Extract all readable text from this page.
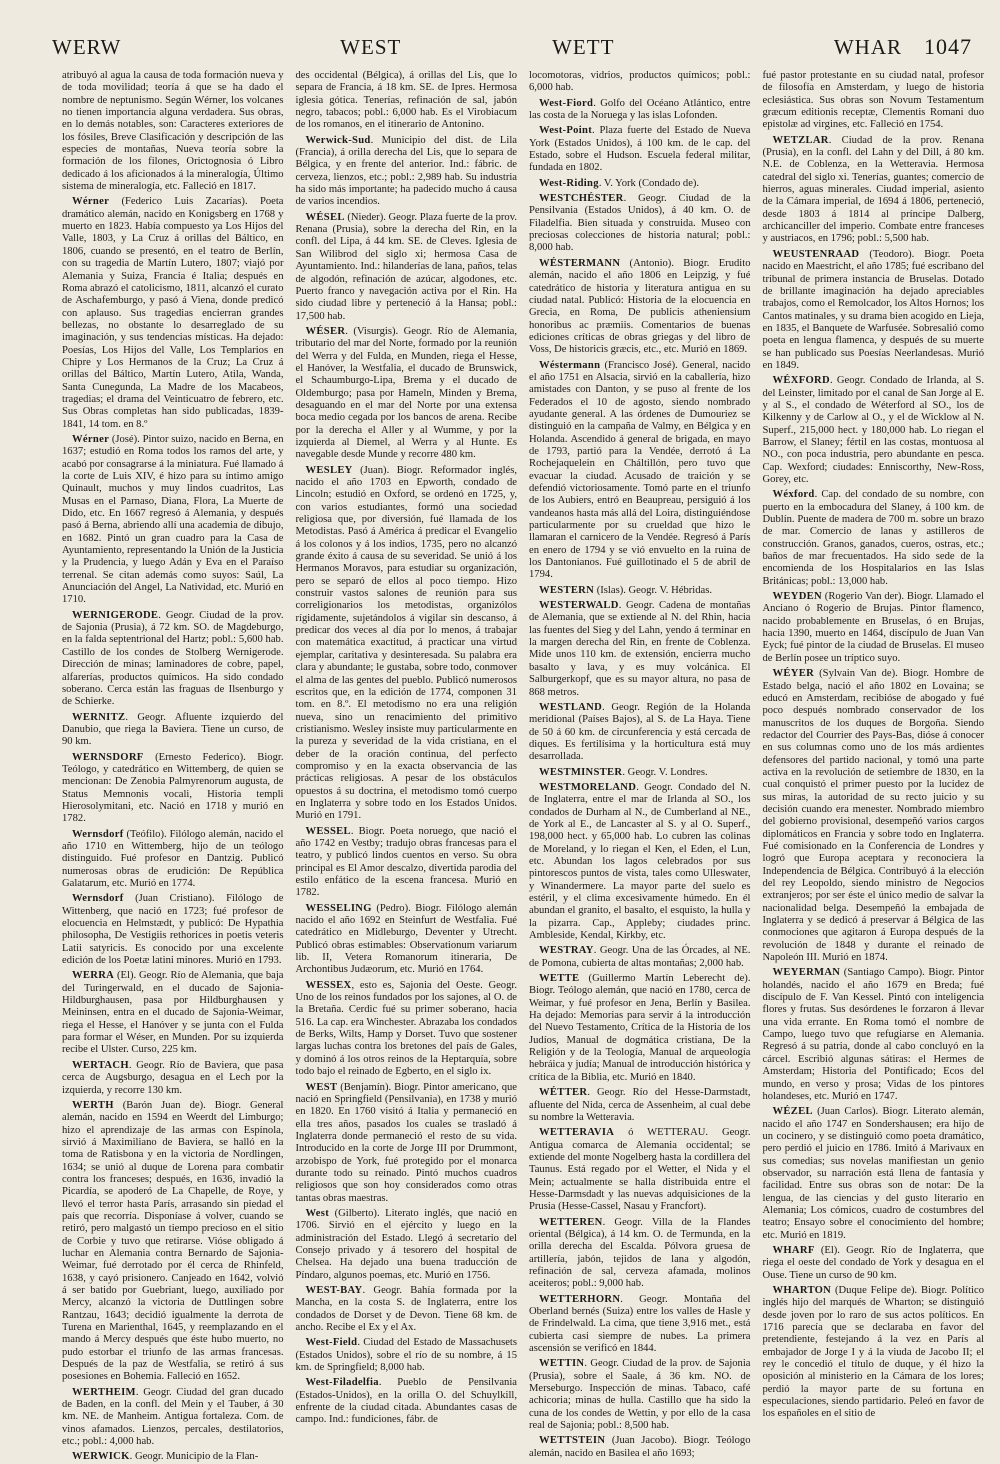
WERW	WEST	WETT	WHAR	1047

atribuyó al agua la causa de toda formación nueva y de toda movilidad; teoría á que se ha dado el nombre de neptunismo. Según Wérner, los volcanes no tienen importancia alguna verdadera. Sus obras, en lo demás notables, son: Caracteres exteriores de los fósiles, Breve Clasificación y descripción de las especies de montañas, Nueva teoría sobre la formación de los filones, Orictognosia ó Libro dedicado á los aficionados á la mineralogía, Último sistema de mineralogía, etc. Falleció en 1817.

Wérner (Federico Luis Zacarías). Poeta dramático alemán, nacido en Konigsberg en 1768 y muerto en 1823. Había compuesto ya Los Hijos del Valle, 1803, y La Cruz á orillas del Báltico, en 1806, cuando se presentó, en el teatro de Berlín, con su tragedia de Martín Lutero, 1807; viajó por Alemania y Suiza, Francia é Italia; después en Roma abrazó el catolicismo, 1811, alcanzó el curato de Aschafemburgo, y pasó á Viena, donde predicó con aplauso. Sus tragedias encierran grandes bellezas, no obstante lo desarreglado de su imaginación, y sus tendencias místicas. Ha dejado: Poesías, Los Hijos del Valle, Los Templarios en Chipre y Los Hermanos de la Cruz; La Cruz á orillas del Báltico, Martín Lutero, Atila, Wanda, Santa Cunegunda, La Madre de los Macabeos, tragedias; el drama del Veinticuatro de febrero, etc. Sus Obras completas han sido publicadas, 1839-1841, 14 tom. en 8.º

Wérner (José). Pintor suizo, nacido en Berna, en 1637; estudió en Roma todos los ramos del arte, y acabó por consagrarse á la miniatura. Fué llamado á la corte de Luis XIV, é hizo para su íntimo amigo Quinault, muchos y muy lindos cuadritos, Las Musas en el Parnaso, Diana, Flora, La Muerte de Dido, etc. En 1667 regresó á Alemania, y después pasó á Berna, abriendo allí una academia de dibujo, en 1682. Pintó un gran cuadro para la Casa de Ayuntamiento, representando la Unión de la Justicia y la Prudencia, y luego Adán y Eva en el Paraíso terrenal. Se citan además como suyos: Saúl, La Anunciación del Angel, La Natividad, etc. Murió en 1710.

WERNIGERODE. Geogr. Ciudad de la prov. de Sajonia (Prusia), á 72 km. SO. de Magdeburgo, en la falda septentrional del Hartz; pobl.: 5,600 hab. Castillo de los condes de Stolberg Wernigerode. Dirección de minas; laminadores de cobre, papel, alfarerías, productos químicos. Ha sido condado soberano. Cerca están las fraguas de Ilsenburgo y de Schierke.

WERNITZ. Geogr. Afluente izquierdo del Danubio, que riega la Baviera. Tiene un curso, de 90 km.

WERNSDORF (Ernesto Federico). Biogr. Teólogo, y catedrático en Wittemberg, de quien se mencionan: De Zenobia Palmyrenorum augusta, de Status Memnonis vocali, Historia templi Hierosolymitani, etc. Nació en 1718 y murió en 1782.

Wernsdorf (Teófilo). Filólogo alemán, nacido el año 1710 en Wittemberg, hijo de un teólogo distinguido. Fué profesor en Dantzig. Publicó numerosas obras de erudición: De República Galatarum, etc. Murió en 1774.

Wernsdorf (Juan Cristiano). Filólogo de Wittenberg, que nació en 1723; fué profesor de elocuencia en Helmstædt, y publicó: De Hypathia philosopha, De Vestigiis rethorices in poetis veteris Latii satyricis. Es conocido por una excelente edición de los Poetæ latini minores. Murió en 1793.

WERRA (El). Geogr. Río de Alemania, que baja del Turingerwald, en el ducado de Sajonia-Hildburghausen, pasa por Hildburghausen y Meininsen, entra en el ducado de Sajonia-Weimar, riega el Hesse, el Hanóver y se junta con el Fulda para formar el Wéser, en Munden. Por su izquierda recibe el Ulster. Curso, 225 km.

WERTACH. Geogr. Río de Baviera, que pasa cerca de Augsburgo, desagua en el Lech por la izquierda, y recorre 130 km.

WERTH (Barón Juan de). Biogr. General alemán, nacido en 1594 en Weerdt del Limburgo; hizo el aprendizaje de las armas con Espínola, sirvió á Maximiliano de Baviera, se halló en la toma de Ratisbona y en la victoria de Nordlingen, 1634; se unió al duque de Lorena para combatir contra los franceses; después, en 1636, invadió la Picardía, se apoderó de La Chapelle, de Roye, y llevó el terror hasta París, arrasando sin piedad el país que recorría. Disponíase á volver, cuando se retiró, pero malgastó un tiempo precioso en el sitio de Corbie y tuvo que retirarse. Vióse obligado á luchar en Alemania contra Bernardo de Sajonia-Weimar, fué derrotado por él cerca de Rhinfeld, 1638, y cayó prisionero. Canjeado en 1642, volvió á ser batido por Guebriant, luego, auxiliado por Mercy, alcanzó la victoria de Duttlingen sobre Rantzau, 1643; decidió igualmente la derrota de Turena en Marienthal, 1645, y reemplazando en el mando á Mercy después que éste hubo muerto, no pudo estorbar el triunfo de las armas francesas. Después de la paz de Westfalia, se retiró á sus posesiones en Bohemia. Falleció en 1652.

WERTHEIM. Geogr. Ciudad del gran ducado de Baden, en la confl. del Mein y el Tauber, á 30 km. NE. de Manheim. Antigua fortaleza. Com. de vinos afamados. Lienzos, percales, destilatorios, etc.; pobl.: 4,000 hab.

WERWICK. Geogr. Municipio de la Flan-

des occidental (Bélgica), á orillas del Lis, que lo separa de Francia, á 18 km. SE. de Ipres. Hermosa iglesia gótica. Tenerías, refinación de sal, jabón negro, tabacos; pobl.: 6,000 hab. Es el Virobiacum de los romanos, en el itinerario de Antonino.

Werwick-Sud. Municipio del dist. de Lila (Francia), á orilla derecha del Lis, que lo separa de Bélgica, y en frente del anterior. Ind.: fábric. de cerveza, lienzos, etc.; pobl.: 2,989 hab. Su industria ha sido más importante; ha padecido mucho á causa de varios incendios.

WÉSEL (Nieder). Geogr. Plaza fuerte de la prov. Renana (Prusia), sobre la derecha del Rin, en la confl. del Lipa, á 44 km. SE. de Cleves. Iglesia de San Wilibrod del siglo xi; hermosa Casa de Ayuntamiento. Ind.: hilanderías de lana, paños, telas de algodón, refinación de azúcar, algodones, etc. Puerto franco y navegación activa por el Rin. Ha sido ciudad libre y perteneció á la Hansa; pobl.: 17,500 hab.

WÉSER. (Visurgis). Geogr. Río de Alemania, tributario del mar del Norte, formado por la reunión del Werra y del Fulda, en Munden, riega el Hesse, el Hanóver, la Westfalia, el ducado de Brunswick, el Schaumburgo-Lipa, Brema y el ducado de Oldemburgo; pasa por Hameln, Minden y Brema, desaguando en el mar del Norte por una extensa boca medio cegada por los bancos de arena. Recibe por la derecha el Aller y al Wumme, y por la izquierda al Diemel, al Werra y al Hunte. Es navegable desde Munde y recorre 480 km.

WESLEY (Juan). Biogr. Reformador inglés, nacido el año 1703 en Epworth, condado de Lincoln; estudió en Oxford, se ordenó en 1725, y, con varios estudiantes, formó una sociedad religiosa que, por diversión, fué llamada de los Metodistas. Pasó á América á predicar el Evangelio á los colonos y á los indios, 1735, pero no alcanzó grande éxito á causa de su severidad. Se unió á los Hermanos Moravos, para estudiar su organización, pero se separó de ellos al poco tiempo. Hizo construir vastos salones de reunión para sus correligionarios los metodistas, organizólos rígidamente, sujetándolos á vigilar sin descanso, á predicar dos veces al día por lo menos, á trabajar con matemática exactitud, á practicar una virtud ejemplar, caritativa y desinteresada. Su palabra era clara y abundante; le gustaba, sobre todo, conmover el alma de las gentes del pueblo. Publicó numerosos escritos que, en la edición de 1774, componen 31 tom. en 8.º. El metodismo no era una religión nueva, sino un renacimiento del primitivo cristianismo. Wesley insiste muy particularmente en la pureza y severidad de la vida cristiana, en el deber de la oración continua, del perfecto compromiso y en la exacta observancia de las prácticas religiosas. A pesar de los obstáculos opuestos á su doctrina, el metodismo tomó cuerpo en Inglaterra y sobre todo en los Estados Unidos. Murió en 1791.

WESSEL. Biogr. Poeta noruego, que nació el año 1742 en Vestby; tradujo obras francesas para el teatro, y publicó lindos cuentos en verso. Su obra principal es El Amor descalzo, divertida parodia del estilo enfático de la escena francesa. Murió en 1782.

WESSELING (Pedro). Biogr. Filólogo alemán nacido el año 1692 en Steinfurt de Westfalia. Fué catedrático en Midleburgo, Deventer y Utrecht. Publicó obras estimables: Observationum variarum lib. II, Vetera Romanorum itineraria, De Archontibus Judæorum, etc. Murió en 1764.

WESSEX, esto es, Sajonia del Oeste. Geogr. Uno de los reinos fundados por los sajones, al O. de la Bretaña. Cerdic fué su primer soberano, hacia 516. La cap. era Winchester. Abrazaba los condados de Berks, Wilts, Hamp y Dorset. Tuvo que sostener largas luchas contra los bretones del país de Gales, y dominó á los otros reinos de la Heptarquía, sobre todo bajo el reinado de Egberto, en el siglo ix.

WEST (Benjamín). Biogr. Pintor americano, que nació en Springfield (Pensilvania), en 1738 y murió en 1820. En 1760 visitó á Italia y permaneció en ella tres años, pasados los cuales se trasladó á Inglaterra donde permaneció el resto de su vida. Introducido en la corte de Jorge III por Drummont, arzobispo de York, fué protegido por el monarca durante todo su reinado. Pintó muchos cuadros religiosos que son hoy considerados como otras tantas obras maestras.

West (Gilberto). Literato inglés, que nació en 1706. Sirvió en el ejército y luego en la administración del Estado. Llegó á secretario del Consejo privado y á tesorero del hospital de Chelsea. Ha dejado una buena traducción de Píndaro, algunos poemas, etc. Murió en 1756.

WEST-BAY. Geogr. Bahía formada por la Mancha, en la costa S. de Inglaterra, entre los condados de Dorset y de Devon. Tiene 68 km. de ancho. Recibe el Ex y el Ax.

West-Field. Ciudad del Estado de Massachusets (Estados Unidos), sobre el río de su nombre, á 15 km. de Springfield; 8,000 hab.

West-Filadelfia. Pueblo de Pensilvania (Estados-Unidos), en la orilla O. del Schuylkill, enfrente de la ciudad citada. Abundantes casas de campo. Ind.: fundiciones, fábr. de

locomotoras, vidrios, productos químicos; pobl.: 6,000 hab.

West-Fiord. Golfo del Océano Atlántico, entre las costa de la Noruega y las islas Lofonden.

West-Point. Plaza fuerte del Estado de Nueva York (Estados Unidos), á 100 km. de le cap. del Estado, sobre el Hudson. Escuela federal militar, fundada en 1802.

West-Riding. V. York (Condado de).

WESTCHÉSTER. Geogr. Ciudad de la Pensilvania (Estados Unidos), á 40 km. O. de Filadelfia. Bien situada y construida. Museo con preciosas colecciones de historia natural; pobl.: 8,000 hab.

WÉSTERMANN (Antonio). Biogr. Erudito alemán, nacido el año 1806 en Leipzig, y fué catedrático de historia y literatura antigua en su ciudad natal. Publicó: Historia de la elocuencia en Grecia, en Roma, De publicis atheniensium honoribus ac præmiis. Comentarios de buenas ediciones críticas de obras griegas y del libro de Voss, De historicis græcis, etc., etc. Murió en 1869.

Wéstermann (Francisco José). General, nacido el año 1751 en Alsacia, sirvió en la caballería, hizo amistades con Danton, y se puso al frente de los Federados el 10 de agosto, siendo nombrado ayudante general. A las órdenes de Dumouriez se distinguió en la campaña de Valmy, en Bélgica y en Holanda. Ascendido á general de brigada, en mayo de 1793, partió para la Vendée, derrotó á La Rochejaquelein en Cháltillón, pero tuvo que evacuar la ciudad. Acusado de traición y se defendió victoriosamente. Tomó parte en el triunfo de los Aubiers, entró en Beaupreau, persiguió á los vandeanos hasta más allá del Loira, distinguiéndose particularmente por su crueldad que hizo le llamaran el carnicero de la Vendée. Regresó á París en enero de 1794 y se vió envuelto en la ruina de los Dantonianos. Fué guillotinado el 5 de abril de 1794.

WESTERN (Islas). Geogr. V. Hébridas.

WESTERWALD. Geogr. Cadena de montañas de Alemania, que se extiende al N. del Rhin, hacia las fuentes del Sieg y del Lahn, yendo á terminar en la margen derecha del Rin, en frente de Coblenza. Mide unos 110 km. de extensión, encierra mucho basalto y lava, y es muy volcánica. El Salburgerkopf, que es su mayor altura, no pasa de 868 metros.

WESTLAND. Geogr. Región de la Holanda meridional (Países Bajos), al S. de La Haya. Tiene de 50 á 60 km. de circunferencia y está cercada de diques. Es fertilísima y la horticultura está muy desarrollada.

WESTMINSTER. Geogr. V. Londres.

WESTMORELAND. Geogr. Condado del N. de Inglaterra, entre el mar de Irlanda al SO., los condados de Durham al N., de Cumberland al NE., de York al E., de Lancaster al S. y al O. Superf., 198,000 hect. y 65,000 hab. Lo cubren las colinas de Moreland, y lo riegan el Ken, el Eden, el Lun, etc. Abundan los lagos celebrados por sus pintorescos puntos de vista, tales como Ulleswater, y Winandermere. La mayor parte del suelo es estéril, y el clima excesivamente húmedo. En él abundan el granito, el basalto, el esquisto, la hulla y la pizarra. Cap., Appleby; ciudades princ. Ambleside, Kendal, Kirkby, etc.

WESTRAY. Geogr. Una de las Órcades, al NE. de Pomona, cubierta de altas montañas; 2,000 hab.

WETTE (Guillermo Martín Leberecht de). Biogr. Teólogo alemán, que nació en 1780, cerca de Weimar, y fué profesor en Jena, Berlín y Basilea. Ha dejado: Memorias para servir á la introducción del Nuevo Testamento, Crítica de la Historia de los Judíos, Manual de dogmática cristiana, De la Religión y de la Teología, Manual de arqueología hebráica y judía; Manual de introducción histórica y crítica de la Biblia, etc. Murió en 1840.

WÉTTER. Geogr. Río del Hesse-Darmstadt, afluente del Nida, cerca de Assenheim, al cual debe su nombre la Wetteravia.

WETTERAVIA ó WETTERAU. Geogr. Antigua comarca de Alemania occidental; se extiende del monte Nogelberg hasta la cordillera del Taunus. Está regado por el Wetter, el Nida y el Mein; actualmente se halla distribuida entre el Hesse-Darmsdadt y las nuevas adquisiciones de la Prusia (Hesse-Cassel, Nasau y Francfort).

WETTEREN. Geogr. Villa de la Flandes oriental (Bélgica), á 14 km. O. de Termunda, en la orilla derecha del Escalda. Pólvora gruesa de artillería, jabón, tejidos de lana y algodón, refinación de sal, cerveza afamada, molinos aceiteros; pobl.: 9,000 hab.

WETTERHORN. Geogr. Montaña del Oberland bernés (Suiza) entre los valles de Hasle y de Frindelwald. La cima, que tiene 3,916 met., está cubierta casi siempre de nubes. La primera ascensión se verificó en 1844.

WETTIN. Geogr. Ciudad de la prov. de Sajonia (Prusia), sobre el Saale, á 36 km. NO. de Merseburgo. Inspección de minas. Tabaco, café achicoria; minas de hulla. Castillo que ha sido la cuna de los condes de Wettin, y por ello de la casa real de Sajonia; pobl.: 8,500 hab.

WETTSTEIN (Juan Jacobo). Biogr. Teólogo alemán, nacido en Basilea el año 1693;

fué pastor protestante en su ciudad natal, profesor de filosofía en Amsterdam, y luego de historia eclesiástica. Sus obras son Novum Testamentum græcum editionis receptæ, Clementis Romani duo epistolæ ad virgines, etc. Falleció en 1754.

WETZLAR. Ciudad de la prov. Renana (Prusia), en la confl. del Lahn y del Dill, á 80 km. N.E. de Coblenza, en la Wetteravia. Hermosa catedral del siglo xi. Tenerías, guantes; comercio de hierros, aguas minerales. Ciudad imperial, asiento de la Cámara imperial, de 1694 á 1806, perteneció, desde 1803 á 1814 al príncipe Dalberg, archicanciller del imperio. Combate entre franceses y austriacos, en 1796; pobl.: 5,500 hab.

WEUSTENRAAD (Teodoro). Biogr. Poeta nacido en Maestricht, el año 1785; fué escribano del tribunal de primera instancia de Bruselas. Dotado de brillante imaginación ha dejado apreciables trabajos, como el Remolcador, los Altos Hornos; los Cantos matinales, y su drama bien acogido en Lieja, en 1835, el Banquete de Warfusée. Sobresalió como poeta en lengua flamenca, y después de su muerte se han publicado sus Poesías Neerlandesas. Murió en 1849.

WÉXFORD. Geogr. Condado de Irlanda, al S. del Leinster, limitado por el canal de San Jorge al E. y al S., el condado de Wéterford al SO., los de Kilkenny y de Carlow al O., y el de Wicklow al N. Superf., 215,000 hect. y 180,000 hab. Lo riegan el Barrow, el Slaney; fértil en las costas, montuosa al NO., con poca industria, pero abundante en pesca. Cap. Wexford; ciudades: Enniscorthy, New-Ross, Gorey, etc.

Wéxford. Cap. del condado de su nombre, con puerto en la embocadura del Slaney, á 100 km. de Dublín. Puente de madera de 700 m. sobre un brazo de mar. Comercio de lanas y astilleros de construcción. Granos, ganados, cueros, ostras, etc.; baños de mar frecuentados. Ha sido sede de la encomienda de los Hospitalarios en las Islas Británicas; pobl.: 13,000 hab.

WEYDEN (Rogerio Van der). Biogr. Llamado el Anciano ó Rogerio de Brujas. Pintor flamenco, nacido probablemente en Bruselas, ó en Brujas, hacia 1390, muerto en 1464, discípulo de Juan Van Eyck; fué pintor de la ciudad de Bruselas. El museo de Berlín posee un tríptico suyo.

WÉYER (Sylvain Van de). Biogr. Hombre de Estado belga, nació el año 1802 en Lovaina; se educó en Amsterdam, recibióse de abogado y fué poco después nombrado conservador de los manuscritos de los duques de Borgoña. Siendo redactor del Courrier des Pays-Bas, dióse á conocer en sus columnas como uno de los más ardientes defensores del partido nacional, y tomó una parte activa en la revolución de setiembre de 1830, en la cual conquistó el primer puesto por la lucidez de sus miras, la autoridad de su recto juicio y su decisión cuando era menester. Nombrado miembro del gobierno provisional, desempeñó varios cargos diplomáticos en Francia y sobre todo en Inglaterra. Fué comisionado en la Conferencia de Londres y logró que Europa aceptara y reconociera la Independencia de Bélgica. Contribuyó á la elección del rey Leopoldo, siendo ministro de Negocios extranjeros; por ser éste el único medio de salvar la nacionalidad belga. Desempeñó la embajada de Inglaterra y se dedicó á preservar á Bélgica de las conmociones que agitaron á Europa después de la revolución de 1848 y durante el reinado de Napoleón III. Murió en 1874.

WEYERMAN (Santiago Campo). Biogr. Pintor holandés, nacido el año 1679 en Breda; fué discípulo de F. Van Kessel. Pintó con inteligencia flores y frutas. Sus desórdenes le forzaron á llevar una vida errante. En Roma tomó el nombre de Campo, luego tuvo que refugiarse en Alemania. Regresó á su patria, donde al cabo concluyó en la cárcel. Escribió algunas sátiras: el Hermes de Amsterdam; Historia del Pontificado; Ecos del mundo, en verso y prosa; Vidas de los pintores holandeses, etc. Murió en 1747.

WÉZEL (Juan Carlos). Biogr. Literato alemán, nacido el año 1747 en Sondershausen; era hijo de un cocinero, y se distinguió como poeta dramático, pero perdió el juicio en 1786. Imitó á Marivaux en sus comedias; sus novelas manifiestan un genio observador, su narración está llena de fantasía y facilidad. Entre sus obras son de notar: De la lengua, de las ciencias y del gusto literario en Alemania; Los cómicos, cuadro de costumbres del teatro; Ensayo sobre el conocimiento del hombre; etc. Murió en 1819.

WHARF (El). Geogr. Río de Inglaterra, que riega el oeste del condado de York y desagua en el Ouse. Tiene un curso de 90 km.

WHARTON (Duque Felipe de). Biogr. Político inglés hijo del marqués de Wharton; se distinguió desde joven por lo raro de sus actos políticos. En 1716 parecía que se declaraba en favor del pretendiente, festejando á la vez en París al embajador de Jorge I y á la viuda de Jacobo II; el rey le concedió el título de duque, y él hizo la oposición al ministerio en la Cámara de los lores; perdió la mayor parte de su fortuna en especulaciones, siendo partidario. Peleó en favor de los españoles en el sitio de
